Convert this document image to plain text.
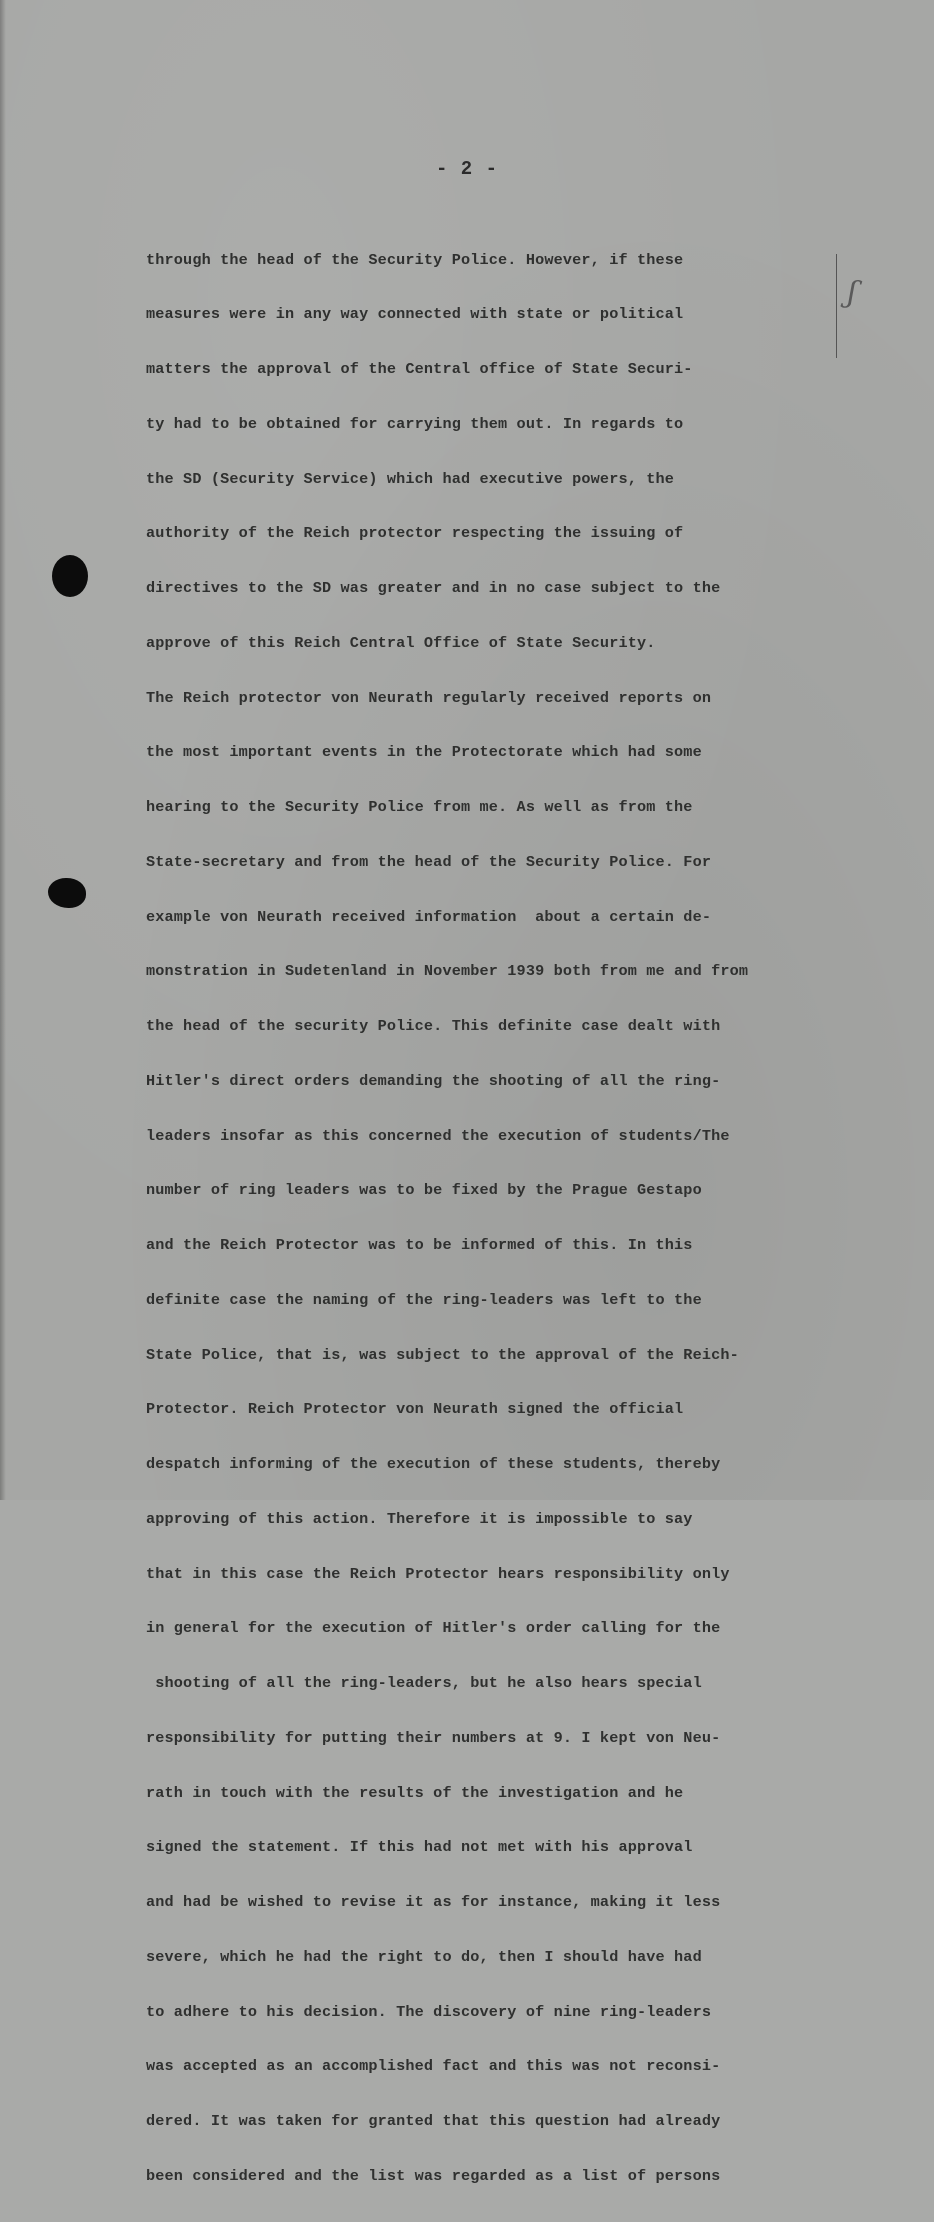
- 2 -

through the head of the Security Police. However, if these

measures were in any way connected with state or political

matters the approval of the Central office of State Securi-

ty had to be obtained for carrying them out. In regards to

the SD (Security Service) which had executive powers, the

authority of the Reich protector respecting the issuing of

directives to the SD was greater and in no case subject to the

approve of this Reich Central Office of State Security.

The Reich protector von Neurath regularly received reports on

the most important events in the Protectorate which had some

hearing to the Security Police from me. As well as from the

State-secretary and from the head of the Security Police. For

example von Neurath received information  about a certain de-

monstration in Sudetenland in November 1939 both from me and from

the head of the security Police. This definite case dealt with

Hitler's direct orders demanding the shooting of all the ring-

leaders insofar as this concerned the execution of students/The

number of ring leaders was to be fixed by the Prague Gestapo

and the Reich Protector was to be informed of this. In this

definite case the naming of the ring-leaders was left to the

State Police, that is, was subject to the approval of the Reich-

Protector. Reich Protector von Neurath signed the official

despatch informing of the execution of these students, thereby

approving of this action. Therefore it is impossible to say

that in this case the Reich Protector hears responsibility only

in general for the execution of Hitler's order calling for the

shooting of all the ring-leaders, but he also hears special

responsibility for putting their numbers at 9. I kept von Neu-

rath in touch with the results of the investigation and he

signed the statement. If this had not met with his approval

and had be wished to revise it as for instance, making it less

severe, which he had the right to do, then I should have had

to adhere to his decision. The discovery of nine ring-leaders

was accepted as an accomplished fact and this was not reconsi-

dered. It was taken for granted that this question had already

been considered and the list was regarded as a list of persons

ʃ
